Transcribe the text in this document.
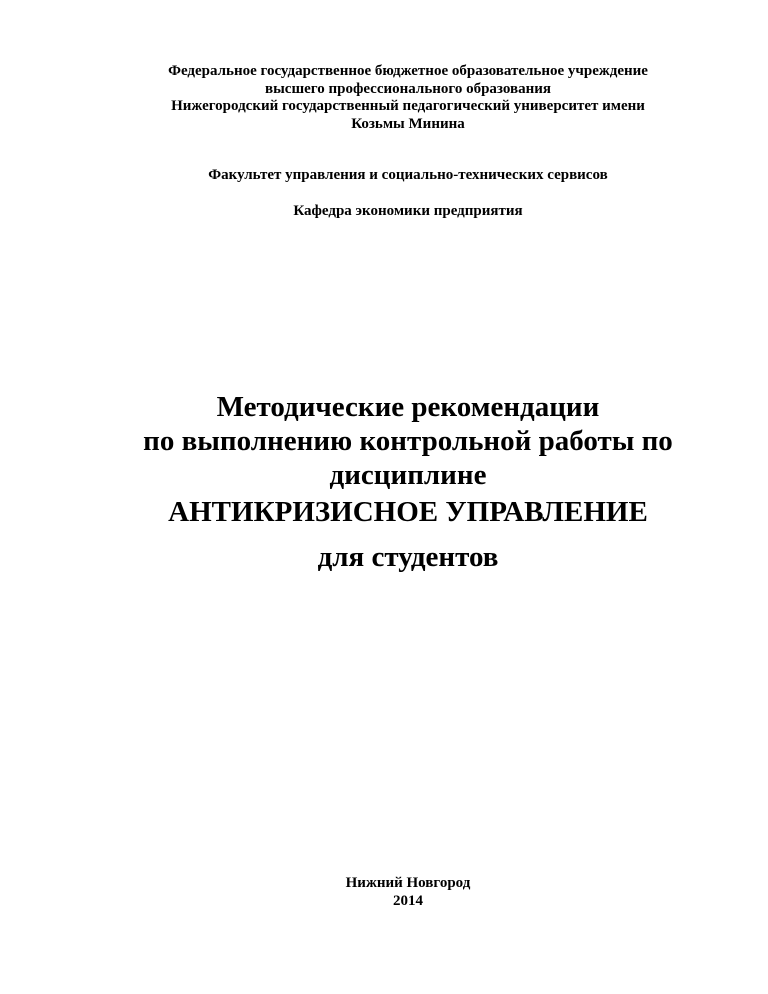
Федеральное государственное бюджетное образовательное учреждение
высшего профессионального образования
Нижегородский государственный педагогический университет имени
Козьмы Минина
Факультет управления и социально-технических сервисов
Кафедра экономики предприятия
Методические рекомендации
по выполнению контрольной работы по
дисциплине
АНТИКРИЗИСНОЕ УПРАВЛЕНИЕ
для студентов
Нижний Новгород
2014
